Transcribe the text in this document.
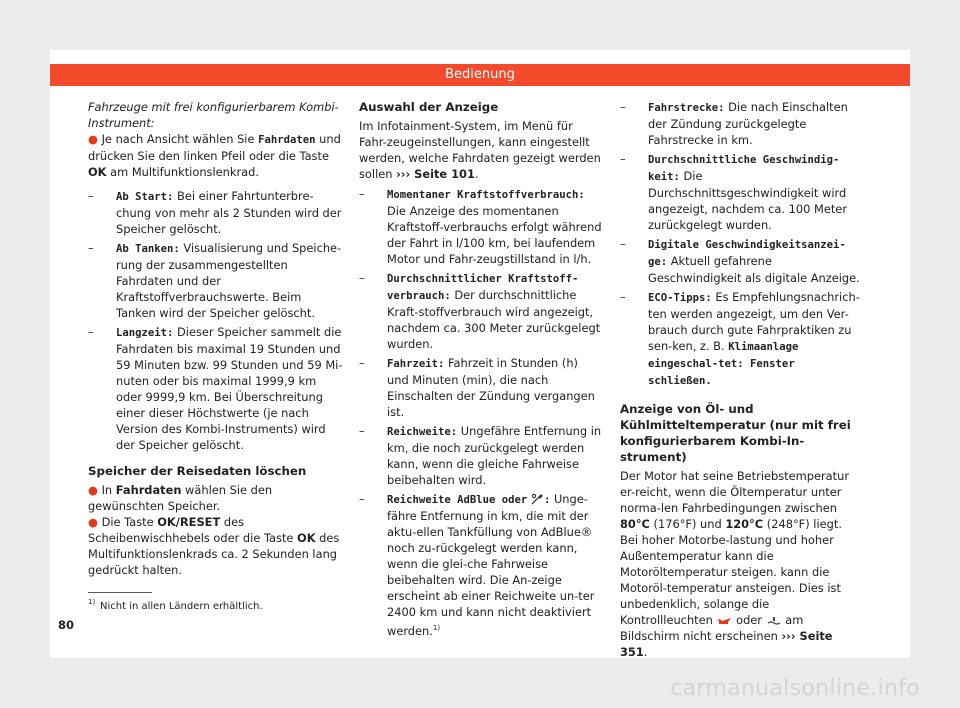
Bedienung
Fahrzeuge mit frei konfigurierbarem Kombi-Instrument:
● Je nach Ansicht wählen Sie Fahrdaten und drücken Sie den linken Pfeil oder die Taste OK am Multifunktionslenkrad.
– Ab Start: Bei einer Fahrtunterbre-chung von mehr als 2 Stunden wird der Speicher gelöscht.
– Ab Tanken: Visualisierung und Speiche-rung der zusammengestellten Fahrdaten und der Kraftstoffverbrauchswerte. Beim Tanken wird der Speicher gelöscht.
– Langzeit: Dieser Speicher sammelt die Fahrdaten bis maximal 19 Stunden und 59 Minuten bzw. 99 Stunden und 59 Mi-nuten oder bis maximal 1999,9 km oder 9999,9 km. Bei Überschreitung einer dieser Höchstwerte (je nach Version des Kombi-Instruments) wird der Speicher gelöscht.
Speicher der Reisedaten löschen
● In Fahrdaten wählen Sie den gewünschten Speicher.
● Die Taste OK/RESET des Scheibenwischhebels oder die Taste OK des Multifunktionslenkrads ca. 2 Sekunden lang gedrückt halten.
Auswahl der Anzeige
Im Infotainment-System, im Menü für Fahr-zeugeinstellungen, kann eingestellt werden, welche Fahrdaten gezeigt werden sollen ››› Seite 101.
– Momentaner Kraftstoffverbrauch: Die Anzeige des momentanen Kraftstoff-verbrauchs erfolgt während der Fahrt in l/100 km, bei laufendem Motor und Fahr-zeugstillstand in l/h.
– Durchschnittlicher Kraftstoff-verbrauch: Der durchschnittliche Kraft-stoffverbrauch wird angezeigt, nachdem ca. 300 Meter zurückgelegt wurden.
– Fahrzeit: Fahrzeit in Stunden (h) und Minuten (min), die nach Einschalten der Zündung vergangen ist.
– Reichweite: Ungefähre Entfernung in km, die noch zurückgelegt werden kann, wenn die gleiche Fahrweise beibehalten wird.
– Reichweite AdBlue oder : Unge-fähre Entfernung in km, die mit der aktu-ellen Tankfüllung von AdBlue® noch zu-rückgelegt werden kann, wenn die glei-che Fahrweise beibehalten wird. Die An-zeige erscheint ab einer Reichweite un-ter 2400 km und kann nicht deaktiviert werden.$^{1)}$
– Fahrstrecke: Die nach Einschalten der Zündung zurückgelegte Fahrstrecke in km.
– Durchschnittliche Geschwindig-keit: Die Durchschnittsgeschwindigkeit wird angezeigt, nachdem ca. 100 Meter zurückgelegt wurden.
– Digitale Geschwindigkeitsanzei-ge: Aktuell gefahrene Geschwindigkeit als digitale Anzeige.
– ECO-Tipps: Es Empfehlungsnachrich-ten werden angezeigt, um den Ver-brauch durch gute Fahrpraktiken zu sen-ken, z. B. Klimaanlage eingeschal-tet: Fenster schließen.
Anzeige von Öl- und Kühlmitteltemperatur (nur mit frei konfigurierbarem Kombi-In-strument)
Der Motor hat seine Betriebstemperatur er-reicht, wenn die Öltemperatur unter norma-len Fahrbedingungen zwischen 80°C (176°F) und 120°C (248°F) liegt. Bei hoher Motorbe-lastung und hoher Außentemperatur kann die Motoröltemperatur steigen. kann die Motoröl-temperatur ansteigen. Dies ist unbedenklich, solange die Kontrollleuchten  oder  am Bildschirm nicht erscheinen ››› Seite 351.
1) Nicht in allen Ländern erhältlich.
80
carmanualsonline.info
